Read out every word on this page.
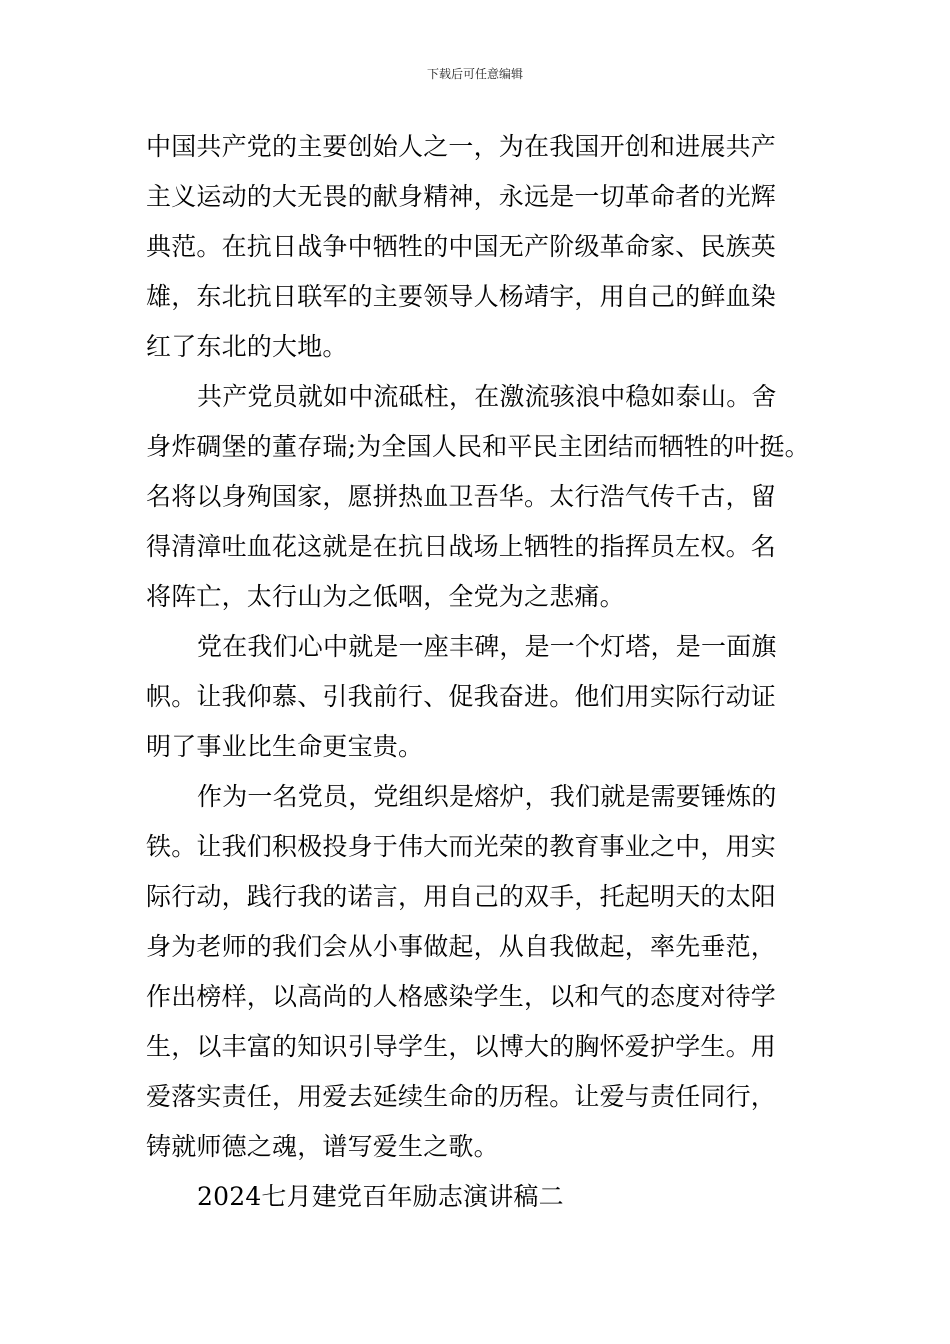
下载后可任意编辑
中国共产党的主要创始人之一，为在我国开创和进展共产
主义运动的大无畏的献身精神，永远是一切革命者的光辉
典范。在抗日战争中牺牲的中国无产阶级革命家、民族英
雄，东北抗日联军的主要领导人杨靖宇，用自己的鲜血染
红了东北的大地。
共产党员就如中流砥柱，在激流骇浪中稳如泰山。舍
身炸碉堡的董存瑞;为全国人民和平民主团结而牺牲的叶挺。
名将以身殉国家，愿拼热血卫吾华。太行浩气传千古，留
得清漳吐血花这就是在抗日战场上牺牲的指挥员左权。名
将阵亡，太行山为之低咽，全党为之悲痛。
党在我们心中就是一座丰碑，是一个灯塔，是一面旗
帜。让我仰慕、引我前行、促我奋进。他们用实际行动证
明了事业比生命更宝贵。
作为一名党员，党组织是熔炉，我们就是需要锤炼的
铁。让我们积极投身于伟大而光荣的教育事业之中，用实
际行动，践行我的诺言，用自己的双手，托起明天的太阳
身为老师的我们会从小事做起，从自我做起，率先垂范，
作出榜样，以高尚的人格感染学生，以和气的态度对待学
生，以丰富的知识引导学生，以博大的胸怀爱护学生。用
爱落实责任，用爱去延续生命的历程。让爱与责任同行，
铸就师德之魂，谱写爱生之歌。
2024七月建党百年励志演讲稿二
